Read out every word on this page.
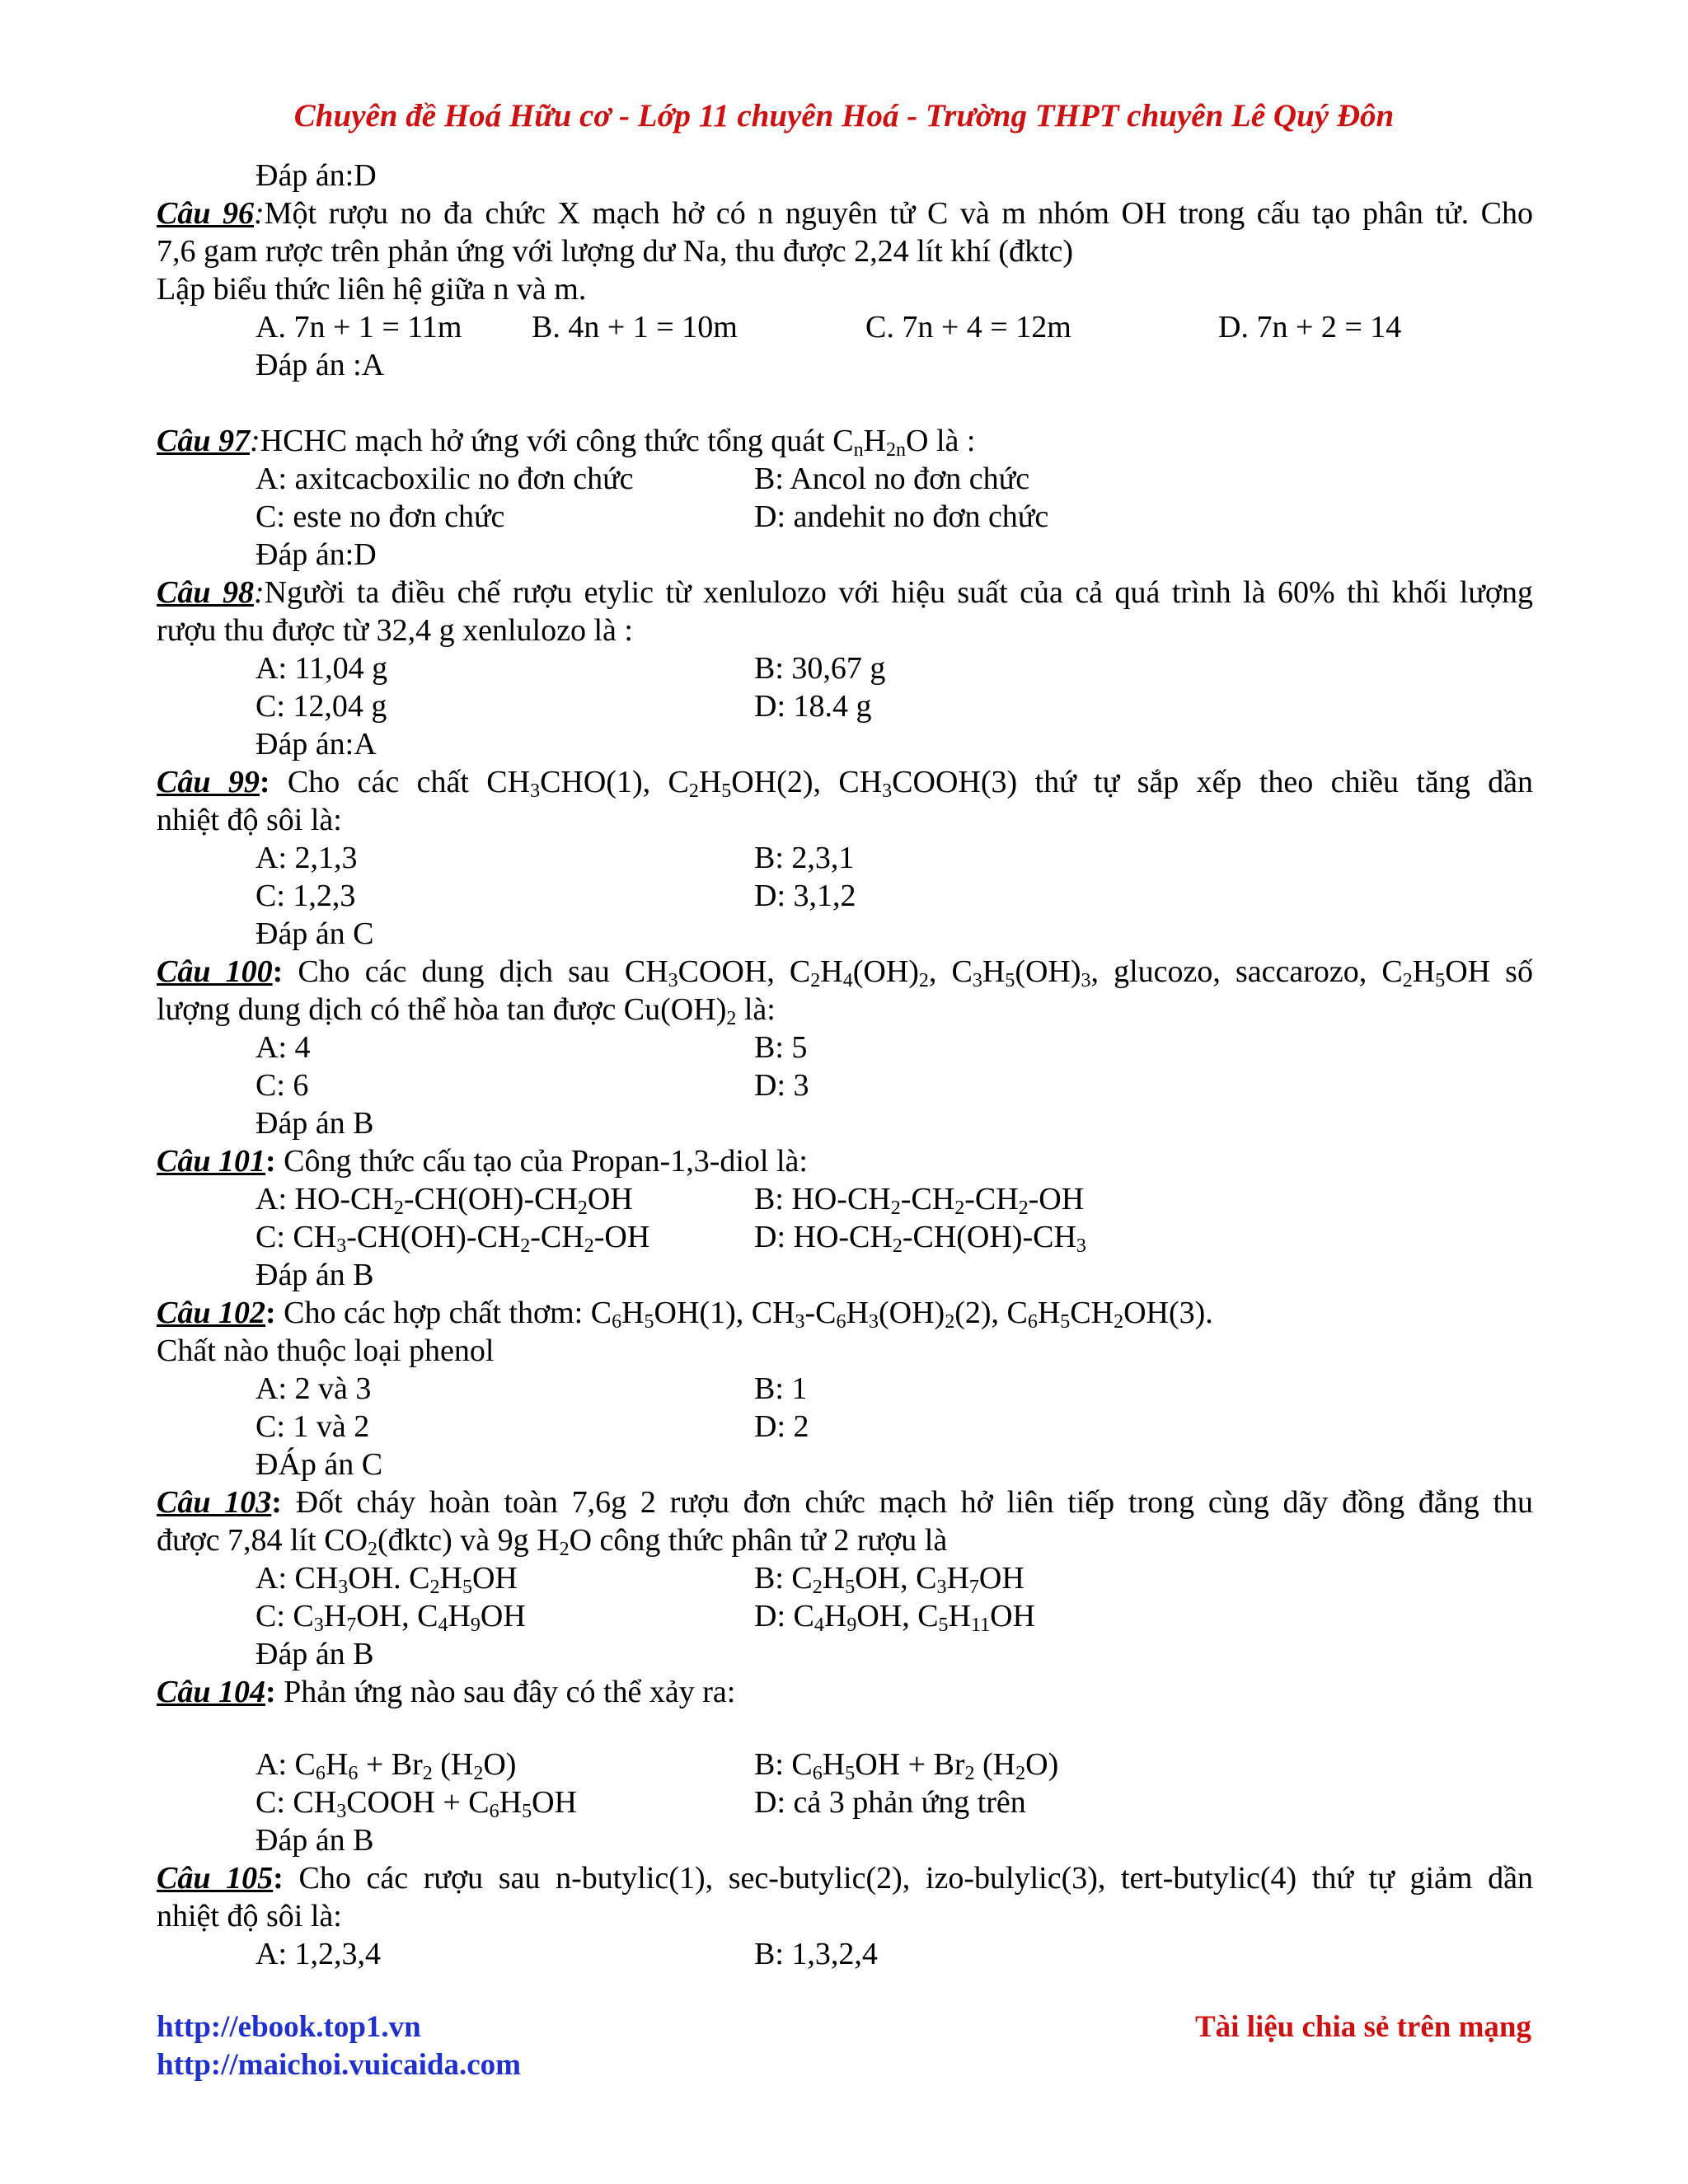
Chuyên đề Hoá Hữu cơ - Lớp 11 chuyên Hoá - Trường THPT chuyên Lê Quý Đôn
Đáp án:D
Câu 96:Một rượu no đa chức X mạch hở có n nguyên tử C và m nhóm OH trong cấu tạo phân tử. Cho
7,6 gam rược trên phản ứng với lượng dư Na, thu được 2,24 lít khí (đktc)
Lập biểu thức liên hệ giữa n và m.
A. 7n + 1 = 11m	B. 4n + 1 = 10m	C. 7n + 4 = 12m	D. 7n + 2 = 14
Đáp án :A
Câu 97:HCHC mạch hở ứng với công thức tổng quát $C_nH_{2n}O$ là :
A: axitcacboxilic no đơn chức	B: Ancol no đơn chức
C: este no đơn chức	D: andehit no đơn chức
Đáp án:D
Câu 98:Người ta điều chế rượu etylic từ xenlulozo với hiệu suất của cả quá trình là 60% thì khối lượng
rượu thu được từ 32,4 g xenlulozo là :
A: 11,04 g	B: 30,67 g
C: 12,04 g	D: 18.4 g
Đáp án:A
Câu 99: Cho các chất $CH_3CHO(1)$, $C_2H_5OH(2)$, $CH_3COOH(3)$ thứ tự sắp xếp theo chiều tăng dần
nhiệt độ sôi là:
A: 2,1,3	B: 2,3,1
C: 1,2,3	D: 3,1,2
Đáp án C
Câu 100: Cho các dung dịch sau $CH_3COOH$, $C_2H_4(OH)_2$, $C_3H_5(OH)_3$, glucozo, saccarozo, $C_2H_5OH$ số
lượng dung dịch có thể hòa tan được $Cu(OH)_2$ là:
A: 4	B: 5
C: 6	D: 3
Đáp án B
Câu 101: Công thức cấu tạo của Propan-1,3-diol là:
A: $HO-CH_2-CH(OH)-CH_2OH$	B: $HO-CH_2-CH_2-CH_2-OH$
C: $CH_3-CH(OH)-CH_2-CH_2-OH$	D: $HO-CH_2-CH(OH)-CH_3$
Đáp án B
Câu 102: Cho các hợp chất thơm: $C_6H_5OH(1)$, $CH_3-C_6H_3(OH)_2(2)$, $C_6H_5CH_2OH(3)$.
Chất nào thuộc loại phenol
A: 2 và 3	B: 1
C: 1 và 2	D: 2
ĐÁp án C
Câu 103: Đốt cháy hoàn toàn 7,6g 2 rượu đơn chức mạch hở liên tiếp trong cùng dãy đồng đẳng thu
được 7,84 lít $CO_2(đktc)$ và 9g $H_2O$ công thức phân tử 2 rượu là
A: $CH_3OH$. $C_2H_5OH$	B: $C_2H_5OH$, $C_3H_7OH$
C: $C_3H_7OH$, $C_4H_9OH$	D: $C_4H_9OH$, $C_5H_{11}OH$
Đáp án B
Câu 104: Phản ứng nào sau đây có thể xảy ra:
A: $C_6H_6 + Br_2$ $(H_2O)$	B: $C_6H_5OH + Br_2$ $(H_2O)$
C: $CH_3COOH + C_6H_5OH$	D: cả 3 phản ứng trên
Đáp án B
Câu 105: Cho các rượu sau n-butylic(1), sec-butylic(2), izo-bulylic(3), tert-butylic(4) thứ tự giảm dần
nhiệt độ sôi là:
A: 1,2,3,4	B: 1,3,2,4
http://ebook.top1.vn
http://maichoi.vuicaida.com
Tài liệu chia sẻ trên mạng
